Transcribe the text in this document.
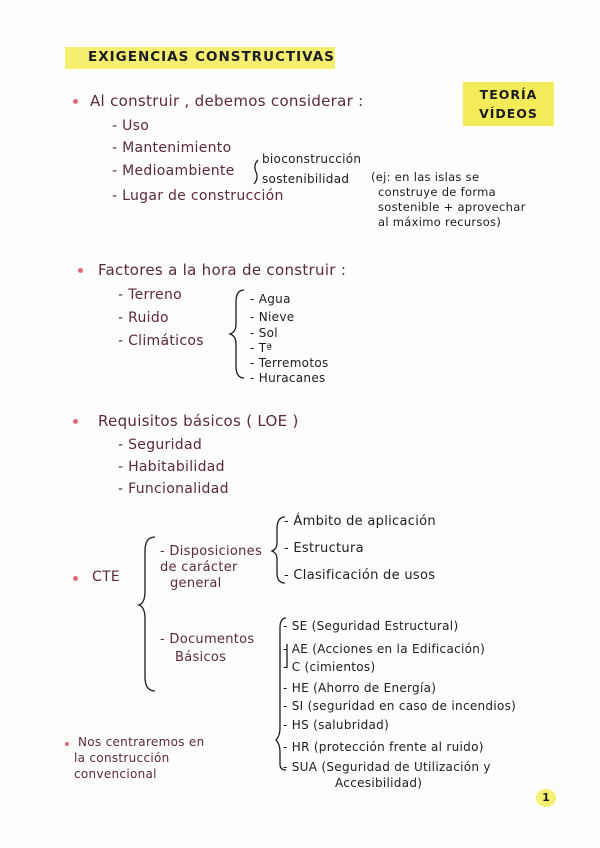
EXIGENCIAS CONSTRUCTIVAS
TEORÍA
VÍDEOS
Al construir , debemos considerar :
- Uso
- Mantenimiento
- Medioambiente
- Lugar de construcción
bioconstrucción
sostenibilidad (ej: en las islas se
construye de forma
sostenible + aprovechar
al máximo recursos)
Factores a la hora de construir :
- Terreno
- Ruido
- Climáticos
- Agua
- Nieve
- Sol
- Tª
- Terremotos
- Huracanes
Requisitos básicos ( LOE )
- Seguridad
- Habitabilidad
- Funcionalidad
CTE
- Disposiciones
de carácter
general
- Ámbito de aplicación
- Estructura
- Clasificación de usos
- Documentos
Básicos
- SE (Seguridad Estructural)
- AE (Acciones en la Edificación)
- C (cimientos)
- HE (Ahorro de Energía)
- SI (seguridad en caso de incendios)
- HS (salubridad)
- HR (protección frente al ruido)
- SUA (Seguridad de Utilización y
Accesibilidad)
Nos centraremos en
la construcción
convencional
1
